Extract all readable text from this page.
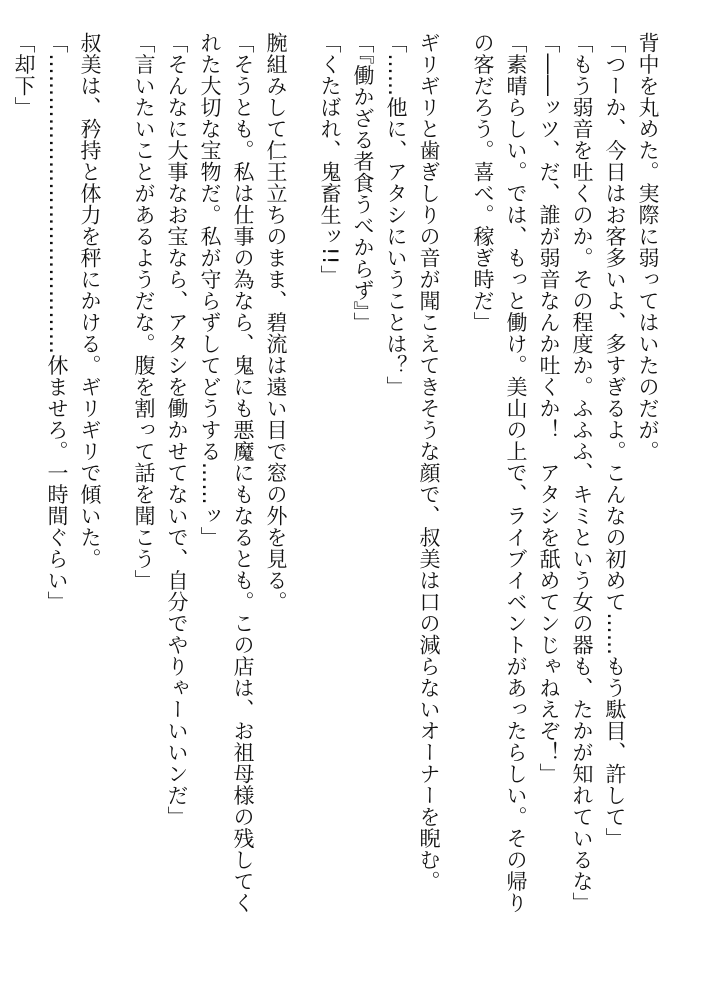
背中を丸めた。実際に弱ってはいたのだが。
「つーか、今日はお客多いよ、多すぎるよ。こんなの初めて……もう駄目、許して」
「もう弱音を吐くのか。その程度か。ふふふ、キミという女の器も、たかが知れているな」
「――ッツ、だ、誰が弱音なんか吐くか！　アタシを舐めてンじゃねえぞ！」
「素晴らしい。では、もっと働け。美山の上で、ライブイベントがあったらしい。その帰り
の客だろう。喜べ。稼ぎ時だ」
ギリギリと歯ぎしりの音が聞こえてきそうな顔で、叔美は口の減らないオーナーを睨む。
「……他に、アタシにいうことは？」
「『働かざる者食うべからず』」
「くたばれ、鬼畜生ッ!!」
腕組みして仁王立ちのまま、碧流は遠い目で窓の外を見る。
「そうとも。私は仕事の為なら、鬼にも悪魔にもなるとも。この店は、お祖母様の残してく
れた大切な宝物だ。私が守らずしてどうする……ッ」
「そんなに大事なお宝なら、アタシを働かせてないで、自分でやりゃーいいンだ」
「言いたいことがあるようだな。腹を割って話を聞こう」
叔美は、矜持と体力を秤にかける。ギリギリで傾いた。
「……………………………………休ませろ。一時間ぐらい」
「却下」
